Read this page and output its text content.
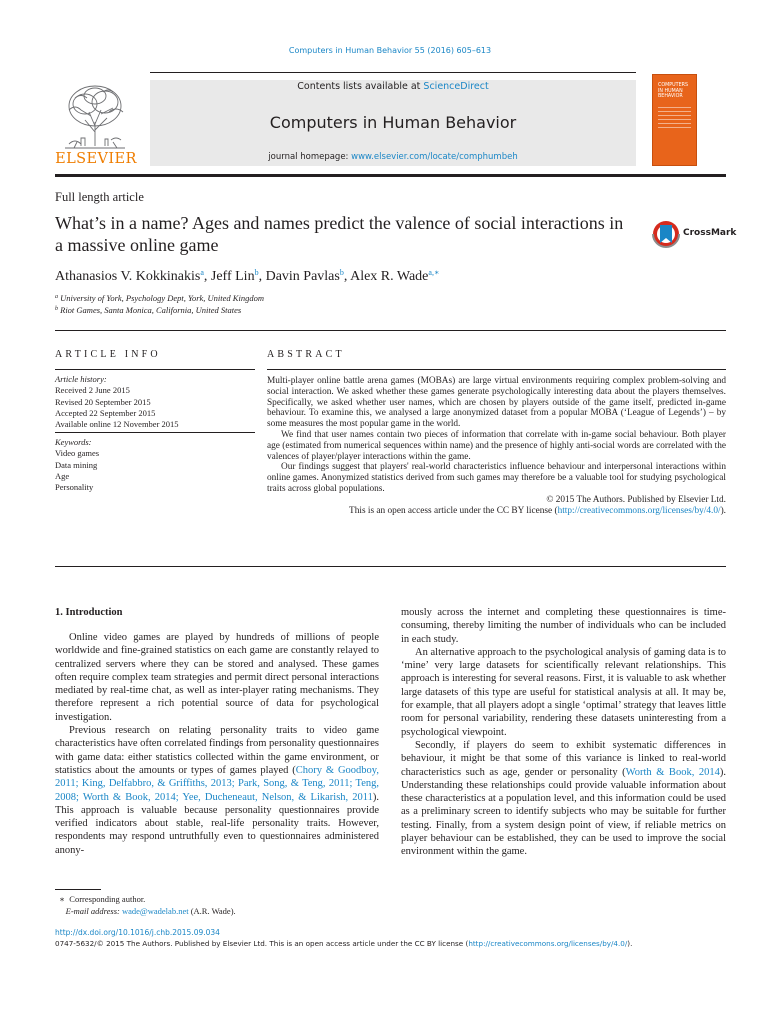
Computers in Human Behavior 55 (2016) 605–613
ELSEVIER
Contents lists available at ScienceDirect
Computers in Human Behavior
journal homepage: www.elsevier.com/locate/comphumbeh
COMPUTERS IN HUMAN BEHAVIOR
Full length article
What’s in a name? Ages and names predict the valence of social interactions in a massive online game
CrossMark
Athanasios V. Kokkinakis$^a$, Jeff Lin$^b$, Davin Pavlas$^b$, Alex R. Wade$^{a,∗}$
$^a$ University of York, Psychology Dept, York, United Kingdom
$^b$ Riot Games, Santa Monica, California, United States
ARTICLE INFO	ABSTRACT
Article history:
Received 2 June 2015
Revised 20 September 2015
Accepted 22 September 2015
Available online 12 November 2015
Keywords:
Video games
Data mining
Age
Personality

Multi-player online battle arena games (MOBAs) are large virtual environments requiring complex problem-solving and social interaction. We asked whether these games generate psychologically interesting data about the players themselves. Specifically, we asked whether user names, which are chosen by players outside of the game itself, predicted in-game behaviour. To examine this, we analysed a large anonymized dataset from a popular MOBA (‘League of Legends’) – by some measures the most popular game in the world.

We find that user names contain two pieces of information that correlate with in-game social behaviour. Both player age (estimated from numerical sequences within name) and the presence of highly anti-social words are correlated with the valences of player/player interactions within the game.

Our findings suggest that players' real-world characteristics influence behaviour and interpersonal interactions within online games. Anonymized statistics derived from such games may therefore be a valuable tool for studying psychological traits across global populations.

© 2015 The Authors. Published by Elsevier Ltd.

This is an open access article under the CC BY license (http://creativecommons.org/licenses/by/4.0/).

1. Introduction

Online video games are played by hundreds of millions of people worldwide and fine-grained statistics on each game are constantly relayed to centralized servers where they can be stored and analysed. These games often require complex team strategies and permit direct personal interactions mediated by real-time chat, as well as inter-player rating mechanisms. They therefore represent a rich potential source of data for psychological investigation.

Previous research on relating personality traits to video game characteristics have often correlated findings from personality questionnaires with game data: either statistics collected within the game environment, or statistics about the amounts or types of games played (Chory & Goodboy, 2011; King, Delfabbro, & Griffiths, 2013; Park, Song, & Teng, 2011; Teng, 2008; Worth & Book, 2014; Yee, Ducheneaut, Nelson, & Likarish, 2011). This approach is valuable because personality questionnaires provide verified indicators about stable, real-life personality traits. However, respondents may respond untruthfully even to questionnaires administered anony-

mously across the internet and completing these questionnaires is time-consuming, thereby limiting the number of individuals who can be included in each study.

An alternative approach to the psychological analysis of gaming data is to ‘mine’ very large datasets for scientifically relevant relationships. This approach is interesting for several reasons. First, it is valuable to ask whether large datasets of this type are useful for statistical analysis at all. It may be, for example, that all players adopt a single ‘optimal’ strategy that leaves little room for personal variability, rendering these datasets uninteresting from a psychological viewpoint.

Secondly, if players do seem to exhibit systematic differences in behaviour, it might be that some of this variance is linked to real-world characteristics such as age, gender or personality (Worth & Book, 2014). Understanding these relationships could provide valuable information about these characteristics at a population level, and this information could be used as a preliminary screen to identify subjects who may be suitable for further testing. Finally, from a system design point of view, if reliable metrics on player behaviour can be established, they can be used to improve the social environment within the game.

∗ Corresponding author.
E-mail address: wade@wadelab.net (A.R. Wade).
http://dx.doi.org/10.1016/j.chb.2015.09.034
0747-5632/© 2015 The Authors. Published by Elsevier Ltd. This is an open access article under the CC BY license (http://creativecommons.org/licenses/by/4.0/).
